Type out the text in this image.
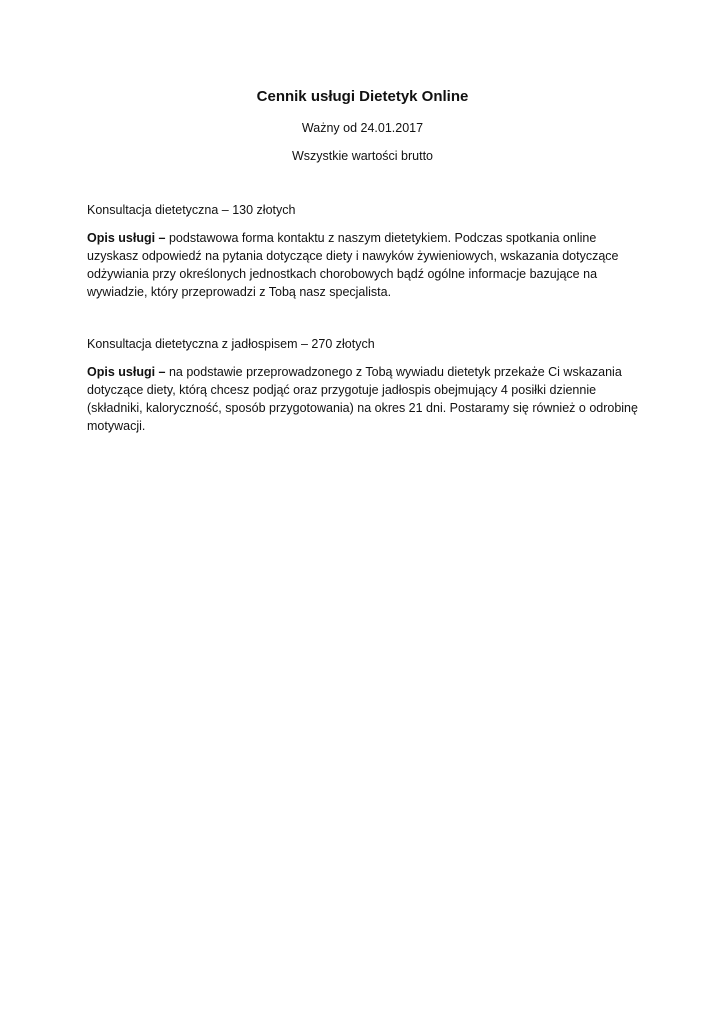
Cennik usługi Dietetyk Online
Ważny od 24.01.2017
Wszystkie wartości brutto

Konsultacja dietetyczna – 130 złotych

Opis usługi – podstawowa forma kontaktu z naszym dietetykiem. Podczas spotkania online uzyskasz odpowiedź na pytania dotyczące diety i nawyków żywieniowych, wskazania dotyczące odżywiania przy określonych jednostkach chorobowych bądź ogólne informacje bazujące na wywiadzie, który przeprowadzi z Tobą nasz specjalista.

Konsultacja dietetyczna z jadłospisem – 270 złotych

Opis usługi – na podstawie przeprowadzonego z Tobą wywiadu dietetyk przekaże Ci wskazania dotyczące diety, którą chcesz podjąć oraz przygotuje jadłospis obejmujący 4 posiłki dziennie (składniki, kaloryczność, sposób przygotowania) na okres 21 dni. Postaramy się również o odrobinę motywacji.
